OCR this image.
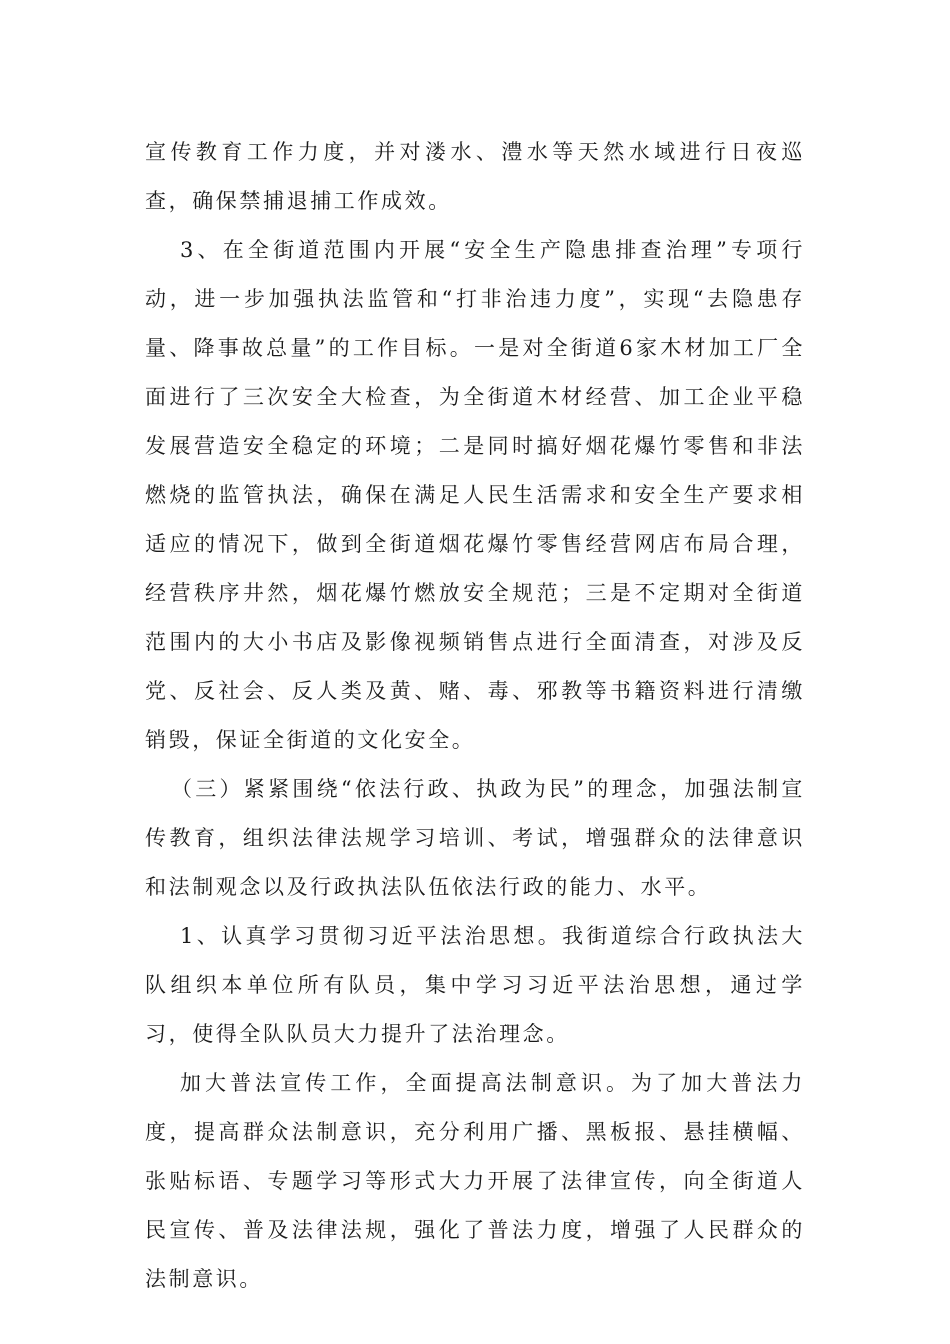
宣传教育工作力度，并对溇水、澧水等天然水域进行日夜巡查，确保禁捕退捕工作成效。

3、在全街道范围内开展“安全生产隐患排查治理”专项行动，进一步加强执法监管和“打非治违力度”，实现“去隐患存量、降事故总量”的工作目标。一是对全街道6家木材加工厂全面进行了三次安全大检查，为全街道木材经营、加工企业平稳发展营造安全稳定的环境；二是同时搞好烟花爆竹零售和非法燃烧的监管执法，确保在满足人民生活需求和安全生产要求相适应的情况下，做到全街道烟花爆竹零售经营网店布局合理，经营秩序井然，烟花爆竹燃放安全规范；三是不定期对全街道范围内的大小书店及影像视频销售点进行全面清查，对涉及反党、反社会、反人类及黄、赌、毒、邪教等书籍资料进行清缴销毁，保证全街道的文化安全。

（三）紧紧围绕“依法行政、执政为民”的理念，加强法制宣传教育，组织法律法规学习培训、考试，增强群众的法律意识和法制观念以及行政执法队伍依法行政的能力、水平。

1、认真学习贯彻习近平法治思想。我街道综合行政执法大队组织本单位所有队员，集中学习习近平法治思想，通过学习，使得全队队员大力提升了法治理念。

加大普法宣传工作，全面提高法制意识。为了加大普法力度，提高群众法制意识，充分利用广播、黑板报、悬挂横幅、张贴标语、专题学习等形式大力开展了法律宣传，向全街道人民宣传、普及法律法规，强化了普法力度，增强了人民群众的法制意识。
